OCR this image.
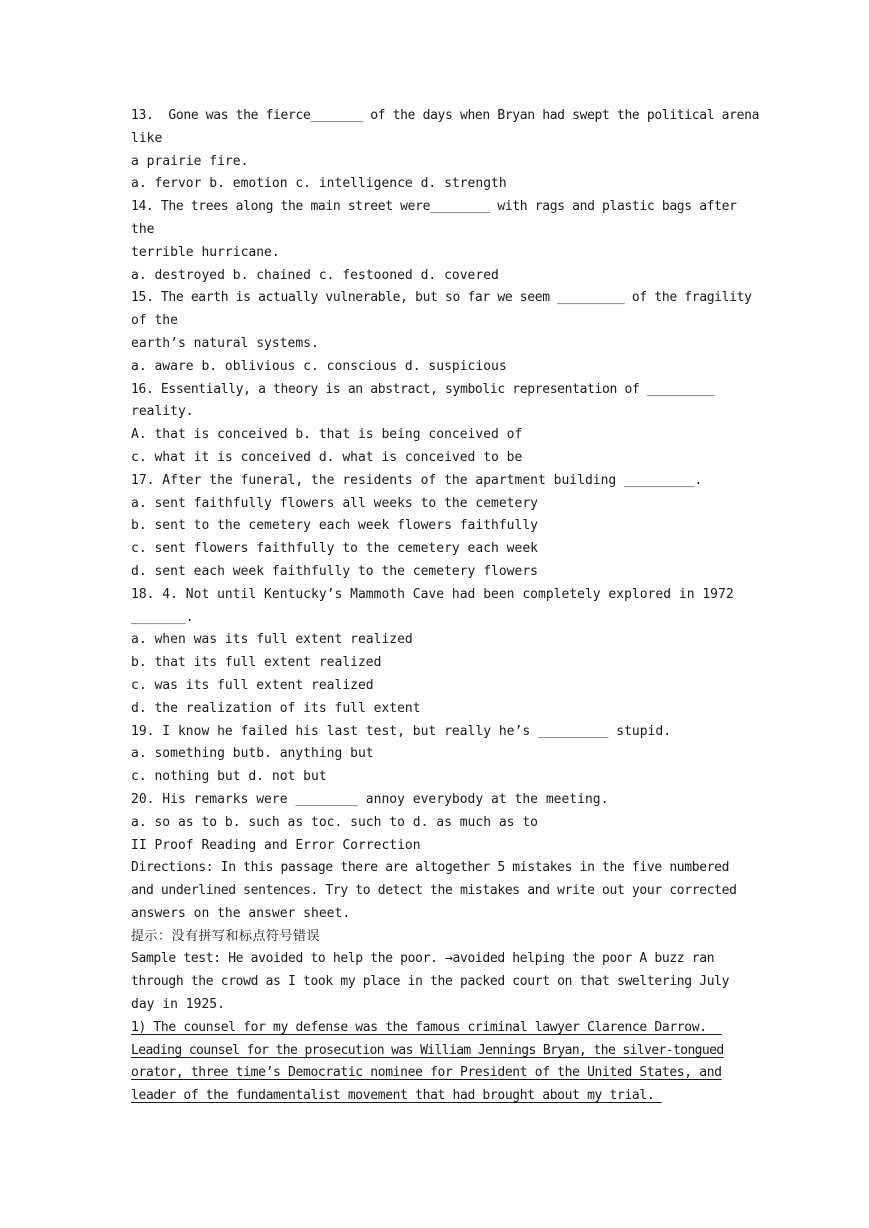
13.  Gone was the fierce_______ of the days when Bryan had swept the political arena
like
a prairie fire.
a. fervor b. emotion c. intelligence d. strength
14. The trees along the main street were________ with rags and plastic bags after
the
terrible hurricane.
a. destroyed b. chained c. festooned d. covered
15. The earth is actually vulnerable, but so far we seem _________ of the fragility
of the
earth’s natural systems.
a. aware b. oblivious c. conscious d. suspicious
16. Essentially, a theory is an abstract, symbolic representation of _________
reality.
A. that is conceived b. that is being conceived of
c. what it is conceived d. what is conceived to be
17. After the funeral, the residents of the apartment building _________.
a. sent faithfully flowers all weeks to the cemetery
b. sent to the cemetery each week flowers faithfully
c. sent flowers faithfully to the cemetery each week
d. sent each week faithfully to the cemetery flowers
18. 4. Not until Kentucky’s Mammoth Cave had been completely explored in 1972
_______.
a. when was its full extent realized
b. that its full extent realized
c. was its full extent realized
d. the realization of its full extent
19. I know he failed his last test, but really he’s _________ stupid.
a. something butb. anything but
c. nothing but d. not but
20. His remarks were ________ annoy everybody at the meeting.
a. so as to b. such as toc. such to d. as much as to
II Proof Reading and Error Correction
Directions: In this passage there are altogether 5 mistakes in the five numbered
and underlined sentences. Try to detect the mistakes and write out your corrected
answers on the answer sheet.
提示：没有拼写和标点符号错误
Sample test: He avoided to help the poor. →avoided helping the poor A buzz ran
through the crowd as I took my place in the packed court on that sweltering July
day in 1925.
1) The counsel for my defense was the famous criminal lawyer Clarence Darrow.
Leading counsel for the prosecution was William Jennings Bryan, the silver-tongued
orator, three time’s Democratic nominee for President of the United States, and
leader of the fundamentalist movement that had brought about my trial.
